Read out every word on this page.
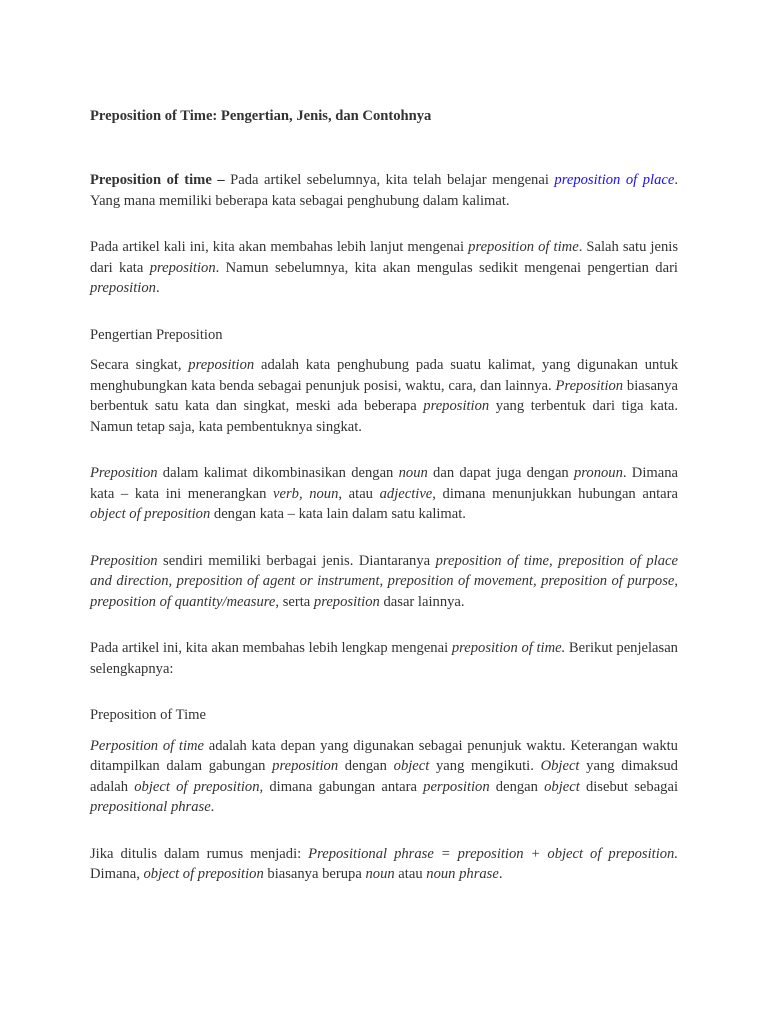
Preposition of Time: Pengertian, Jenis, dan Contohnya

Preposition of time – Pada artikel sebelumnya, kita telah belajar mengenai preposition of place. Yang mana memiliki beberapa kata sebagai penghubung dalam kalimat.

Pada artikel kali ini, kita akan membahas lebih lanjut mengenai preposition of time. Salah satu jenis dari kata preposition. Namun sebelumnya, kita akan mengulas sedikit mengenai pengertian dari preposition.

Pengertian Preposition

Secara singkat, preposition adalah kata penghubung pada suatu kalimat, yang digunakan untuk menghubungkan kata benda sebagai penunjuk posisi, waktu, cara, dan lainnya. Preposition biasanya berbentuk satu kata dan singkat, meski ada beberapa preposition yang terbentuk dari tiga kata. Namun tetap saja, kata pembentuknya singkat.

Preposition dalam kalimat dikombinasikan dengan noun dan dapat juga dengan pronoun. Dimana kata – kata ini menerangkan verb, noun, atau adjective, dimana menunjukkan hubungan antara object of preposition dengan kata – kata lain dalam satu kalimat.

Preposition sendiri memiliki berbagai jenis. Diantaranya preposition of time, preposition of place and direction, preposition of agent or instrument, preposition of movement, preposition of purpose, preposition of quantity/measure, serta preposition dasar lainnya.

Pada artikel ini, kita akan membahas lebih lengkap mengenai preposition of time. Berikut penjelasan selengkapnya:

Preposition of Time

Perposition of time adalah kata depan yang digunakan sebagai penunjuk waktu. Keterangan waktu ditampilkan dalam gabungan preposition dengan object yang mengikuti. Object yang dimaksud adalah object of preposition, dimana gabungan antara perposition dengan object disebut sebagai prepositional phrase.

Jika ditulis dalam rumus menjadi: Prepositional phrase = preposition + object of preposition. Dimana, object of preposition biasanya berupa noun atau noun phrase.
